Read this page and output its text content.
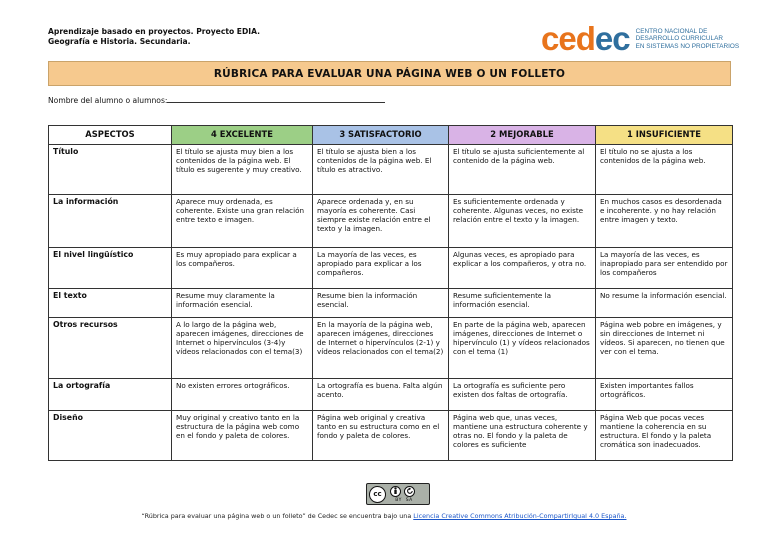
Aprendizaje basado en proyectos. Proyecto EDIA.
Geografía e Historia. Secundaria.	cedec CENTRO NACIONAL DE
DESARROLLO CURRICULAR
EN SISTEMAS NO PROPIETARIOS
RÚBRICA PARA EVALUAR UNA PÁGINA WEB O UN FOLLETO
Nombre del alumno o alumnos:
ASPECTOS	4 EXCELENTE	3 SATISFACTORIO	2 MEJORABLE	1 INSUFICIENTE
Título	El título se ajusta muy bien a los contenidos de la página web. El título es sugerente y muy creativo.	El título se ajusta bien a los contenidos de la página web. El título es atractivo.	El título se ajusta suficientemente al contenido de la página web.	El título no se ajusta a los contenidos de la página web.
La información	Aparece muy ordenada, es coherente. Existe una gran relación entre texto e imagen.	Aparece ordenada y, en su mayoría es coherente. Casi siempre existe relación entre el texto y la imagen.	Es suficientemente ordenada y coherente. Algunas veces, no existe relación entre el texto y la imagen.	En muchos casos es desordenada e incoherente. y no hay relación entre imagen y texto.
El nivel lingüístico	Es muy apropiado para explicar a los compañeros.	La mayoría de las veces, es apropiado para explicar a los compañeros.	Algunas veces, es apropiado para explicar a los compañeros, y otra no.	La mayoría de las veces, es inapropiado para ser entendido por los compañeros
El texto	Resume muy claramente la información esencial.	Resume bien la información esencial.	Resume suficientemente la información esencial.	No resume la información esencial.
Otros recursos	A lo largo de la página web, aparecen imágenes, direcciones de Internet o hipervínculos (3-4)y vídeos relacionados con el tema(3)	En la mayoría de la página web, aparecen imágenes, direcciones de Internet o hipervínculos (2-1) y vídeos relacionados con el tema(2)	En parte de la página web, aparecen imágenes, direcciones de Internet o hipervínculo (1) y vídeos relacionados con el tema (1)	Página web pobre en imágenes, y sin direcciones de Internet ni vídeos. Si aparecen, no tienen que ver con el tema.
La ortografía	No existen errores ortográficos.	La ortografía es buena. Falta algún acento.	La ortografía es suficiente pero existen dos faltas de ortografía.	Existen importantes fallos ortográficos.
Diseño	Muy original y creativo tanto en la estructura de la página web como en el fondo y paleta de colores.	Página web original y creativa tanto en su estructura como en el fondo y paleta de colores.	Página web que, unas veces, mantiene una estructura coherente y otras no. El fondo y la paleta de colores es suficiente	Página Web que pocas veces mantiene la coherencia en su estructura. El fondo y la paleta cromática son inadecuados.
cc
BY SA
“Rúbrica para evaluar una página web o un folleto” de Cedec se encuentra bajo una Licencia Creative Commons Atribución-CompartirIgual 4.0 España.
